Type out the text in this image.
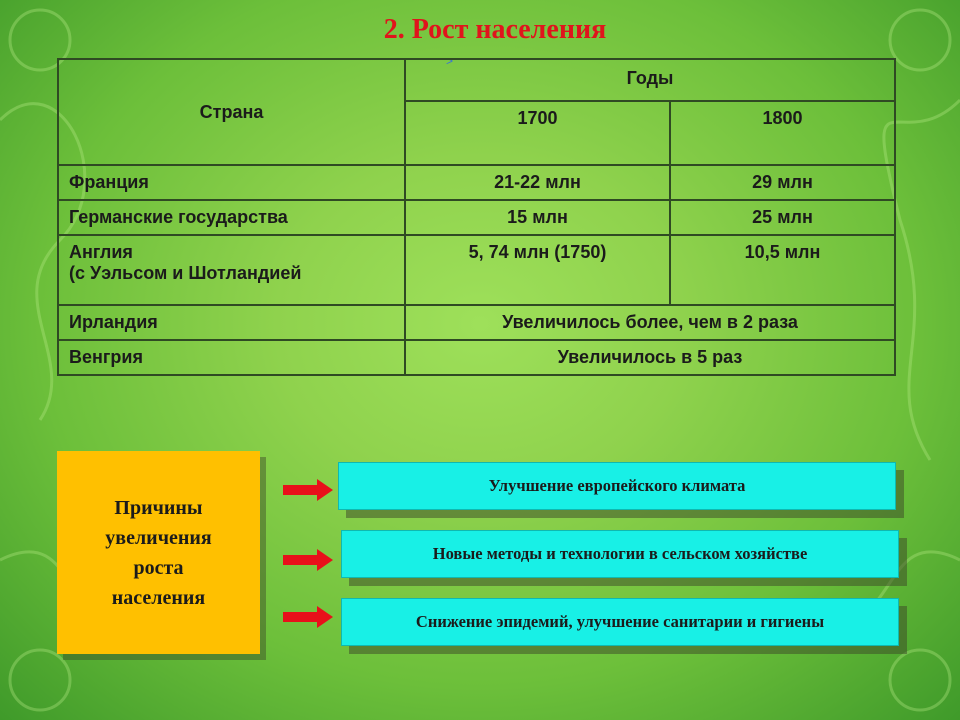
2. Рост населения
>
Страна	Годы	
	1700	1800
Франция	21-22 млн	29 млн
Германские государства	15 млн	25 млн

Англия
(с Уэльсом и Шотландией	5, 74 млн (1750)	10,5 млн
Ирландия	Увеличилось более, чем в 2 раза	
Венгрия	Увеличилось в 5 раз	
Причины
увеличения
роста
населения
Улучшение европейского климата
Новые методы и технологии в сельском хозяйстве
Снижение эпидемий, улучшение санитарии и гигиены
